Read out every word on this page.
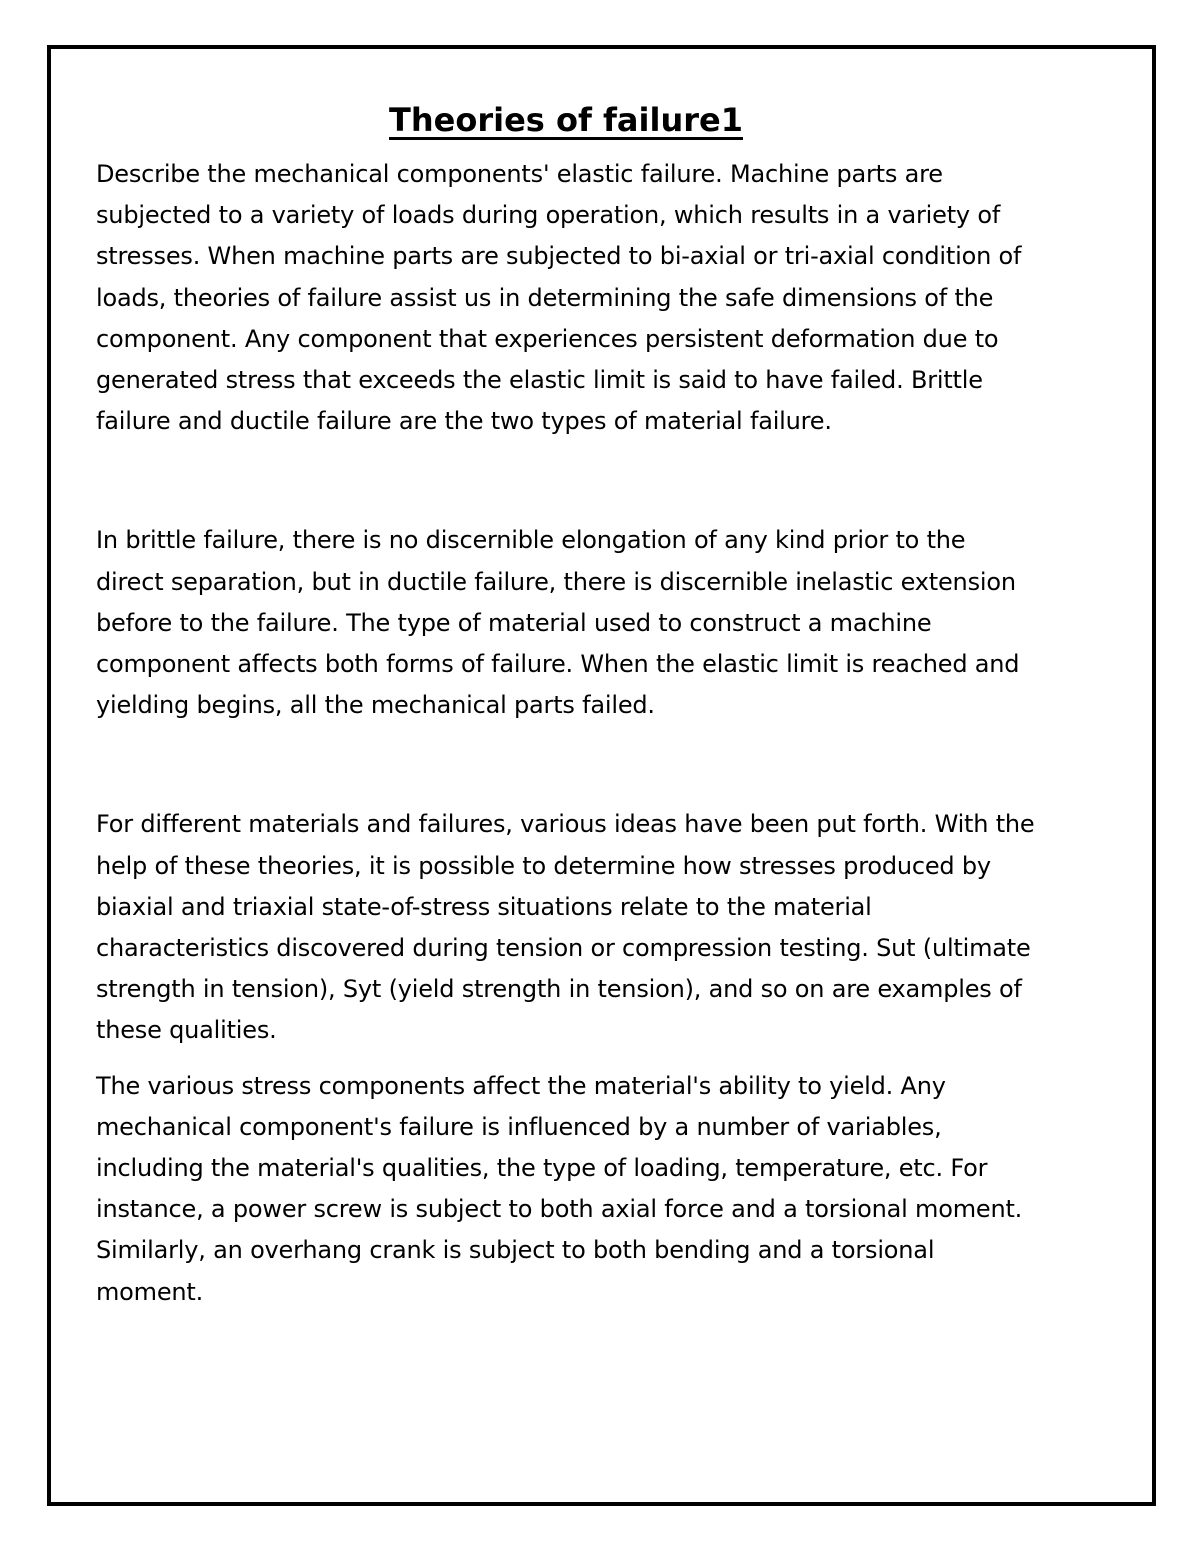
Theories of failure1

Describe the mechanical components' elastic failure. Machine parts are subjected to a variety of loads during operation, which results in a variety of stresses. When machine parts are subjected to bi-axial or tri-axial condition of loads, theories of failure assist us in determining the safe dimensions of the component. Any component that experiences persistent deformation due to generated stress that exceeds the elastic limit is said to have failed. Brittle failure and ductile failure are the two types of material failure.

In brittle failure, there is no discernible elongation of any kind prior to the direct separation, but in ductile failure, there is discernible inelastic extension before to the failure. The type of material used to construct a machine component affects both forms of failure. When the elastic limit is reached and yielding begins, all the mechanical parts failed.

For different materials and failures, various ideas have been put forth. With the help of these theories, it is possible to determine how stresses produced by biaxial and triaxial state-of-stress situations relate to the material characteristics discovered during tension or compression testing. Sut (ultimate strength in tension), Syt (yield strength in tension), and so on are examples of these qualities.

The various stress components affect the material's ability to yield. Any mechanical component's failure is influenced by a number of variables, including the material's qualities, the type of loading, temperature, etc. For instance, a power screw is subject to both axial force and a torsional moment. Similarly, an overhang crank is subject to both bending and a torsional moment.
